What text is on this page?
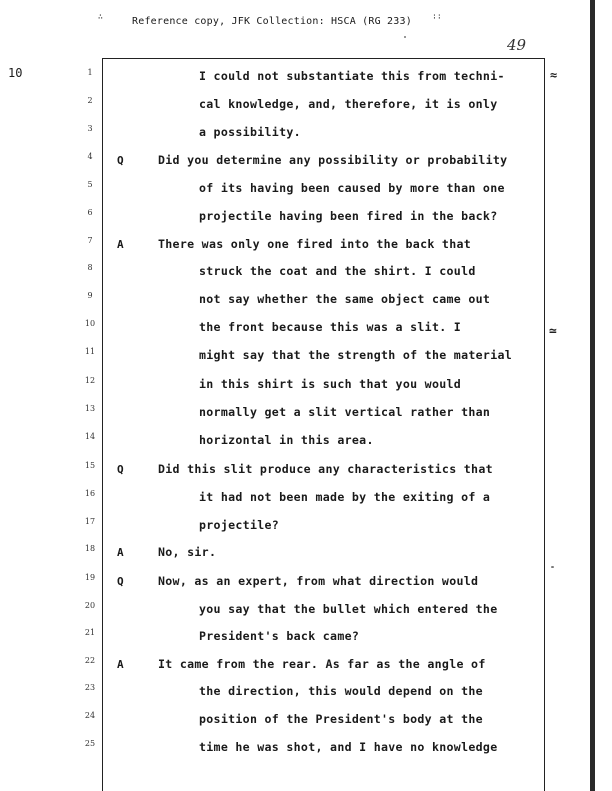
Reference copy, JFK Collection: HSCA (RG 233)
10
49
1	I could not substantiate this from techni-
2	cal knowledge, and, therefore, it is only
3	a possibility.
4	Q	Did you determine any possibility or probability
5	of its having been caused by more than one
6	projectile having been fired in the back?
7	A	There was only one fired into the back that
8	struck the coat and the shirt. I could
9	not say whether the same object came out
10	the front because this was a slit. I
11	might say that the strength of the material
12	in this shirt is such that you would
13	normally get a slit vertical rather than
14	horizontal in this area.
15	Q	Did this slit produce any characteristics that
16	it had not been made by the exiting of a
17	projectile?
18	A	No, sir.
19	Q	Now, as an expert, from what direction would
20	you say that the bullet which entered the
21	President's back came?
22	A	It came from the rear. As far as the angle of
23	the direction, this would depend on the
24	position of the President's body at the
25	time he was shot, and I have no knowledge
∴	∶∶
≈
≃
